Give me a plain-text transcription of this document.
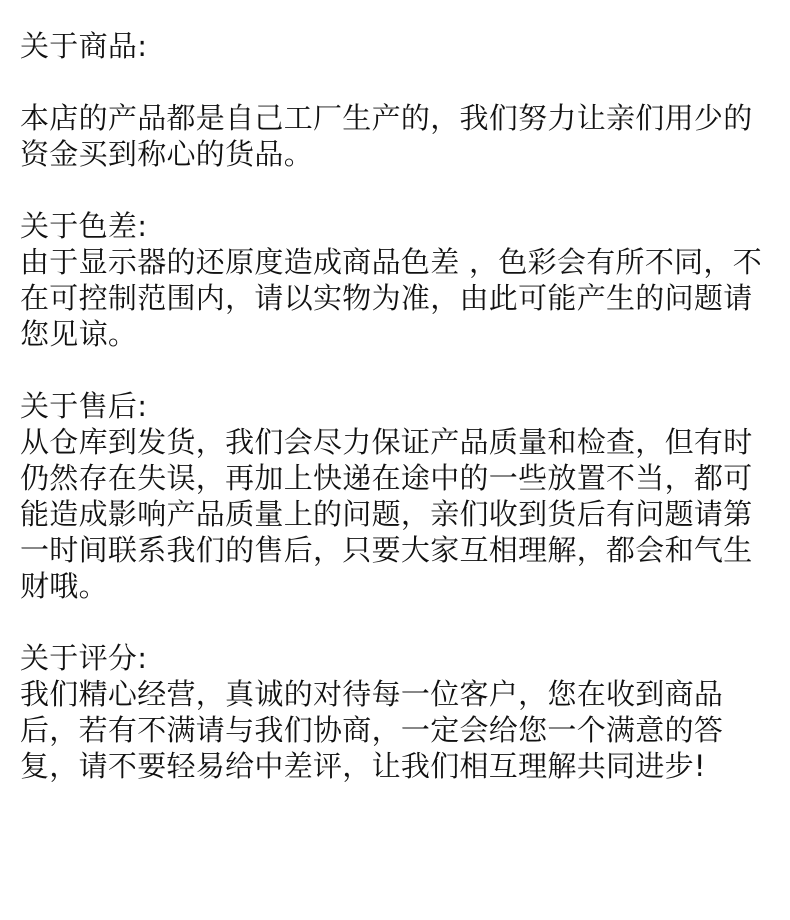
关于商品:
本店的产品都是自己工厂生产的，我们努力让亲们用少的资金买到称心的货品。
关于色差:
由于显示器的还原度造成商品色差 ，色彩会有所不同，不在可控制范围内，请以实物为准，由此可能产生的问题请您见谅。
关于售后:
从仓库到发货，我们会尽力保证产品质量和检查，但有时仍然存在失误，再加上快递在途中的一些放置不当，都可能造成影响产品质量上的问题，亲们收到货后有问题请第一时间联系我们的售后，只要大家互相理解，都会和气生财哦。
关于评分:
我们精心经营，真诚的对待每一位客户，您在收到商品后，若有不满请与我们协商，一定会给您一个满意的答复，请不要轻易给中差评，让我们相互理解共同进步!
